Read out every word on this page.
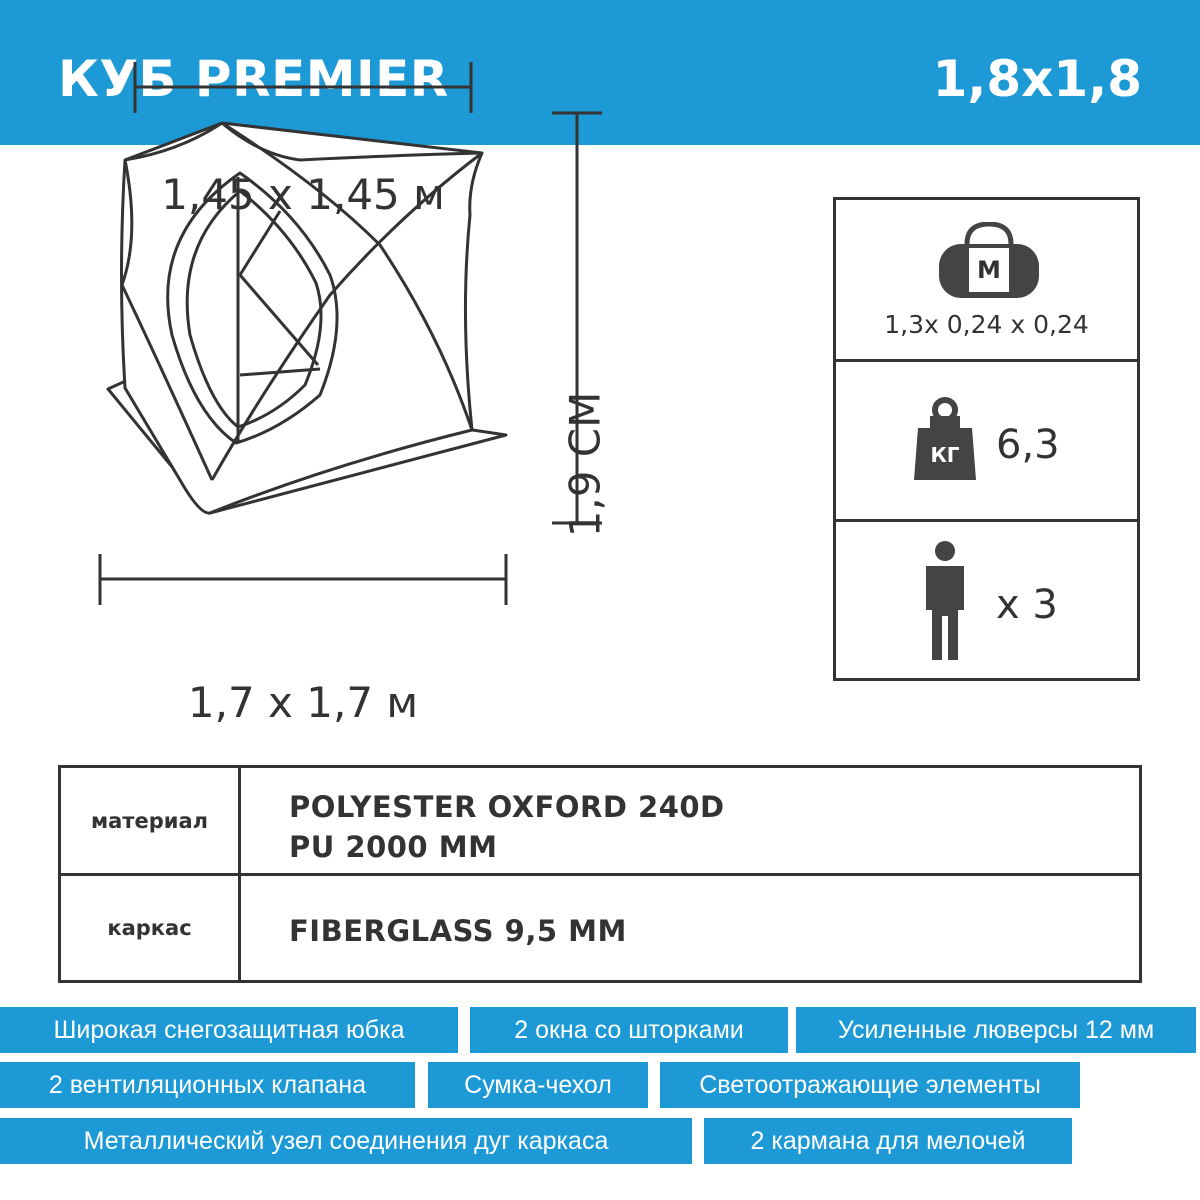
КУБ PREMIER	1,8x1,8
1,45 x 1,45 м
1,7 x 1,7 м
1,9 СМ
М
1,3x 0,24 x 0,24
КГ 6,3
x 3
материал	POLYESTER OXFORD 240D
PU 2000 MM
каркас	FIBERGLASS 9,5 MM
Широкая снегозащитная юбка	2 окна со шторками	Усиленные люверсы 12 мм
2 вентиляционных клапана	Сумка-чехол	Светоотражающие элементы
Металлический узел соединения дуг каркаса	2 кармана для мелочей
